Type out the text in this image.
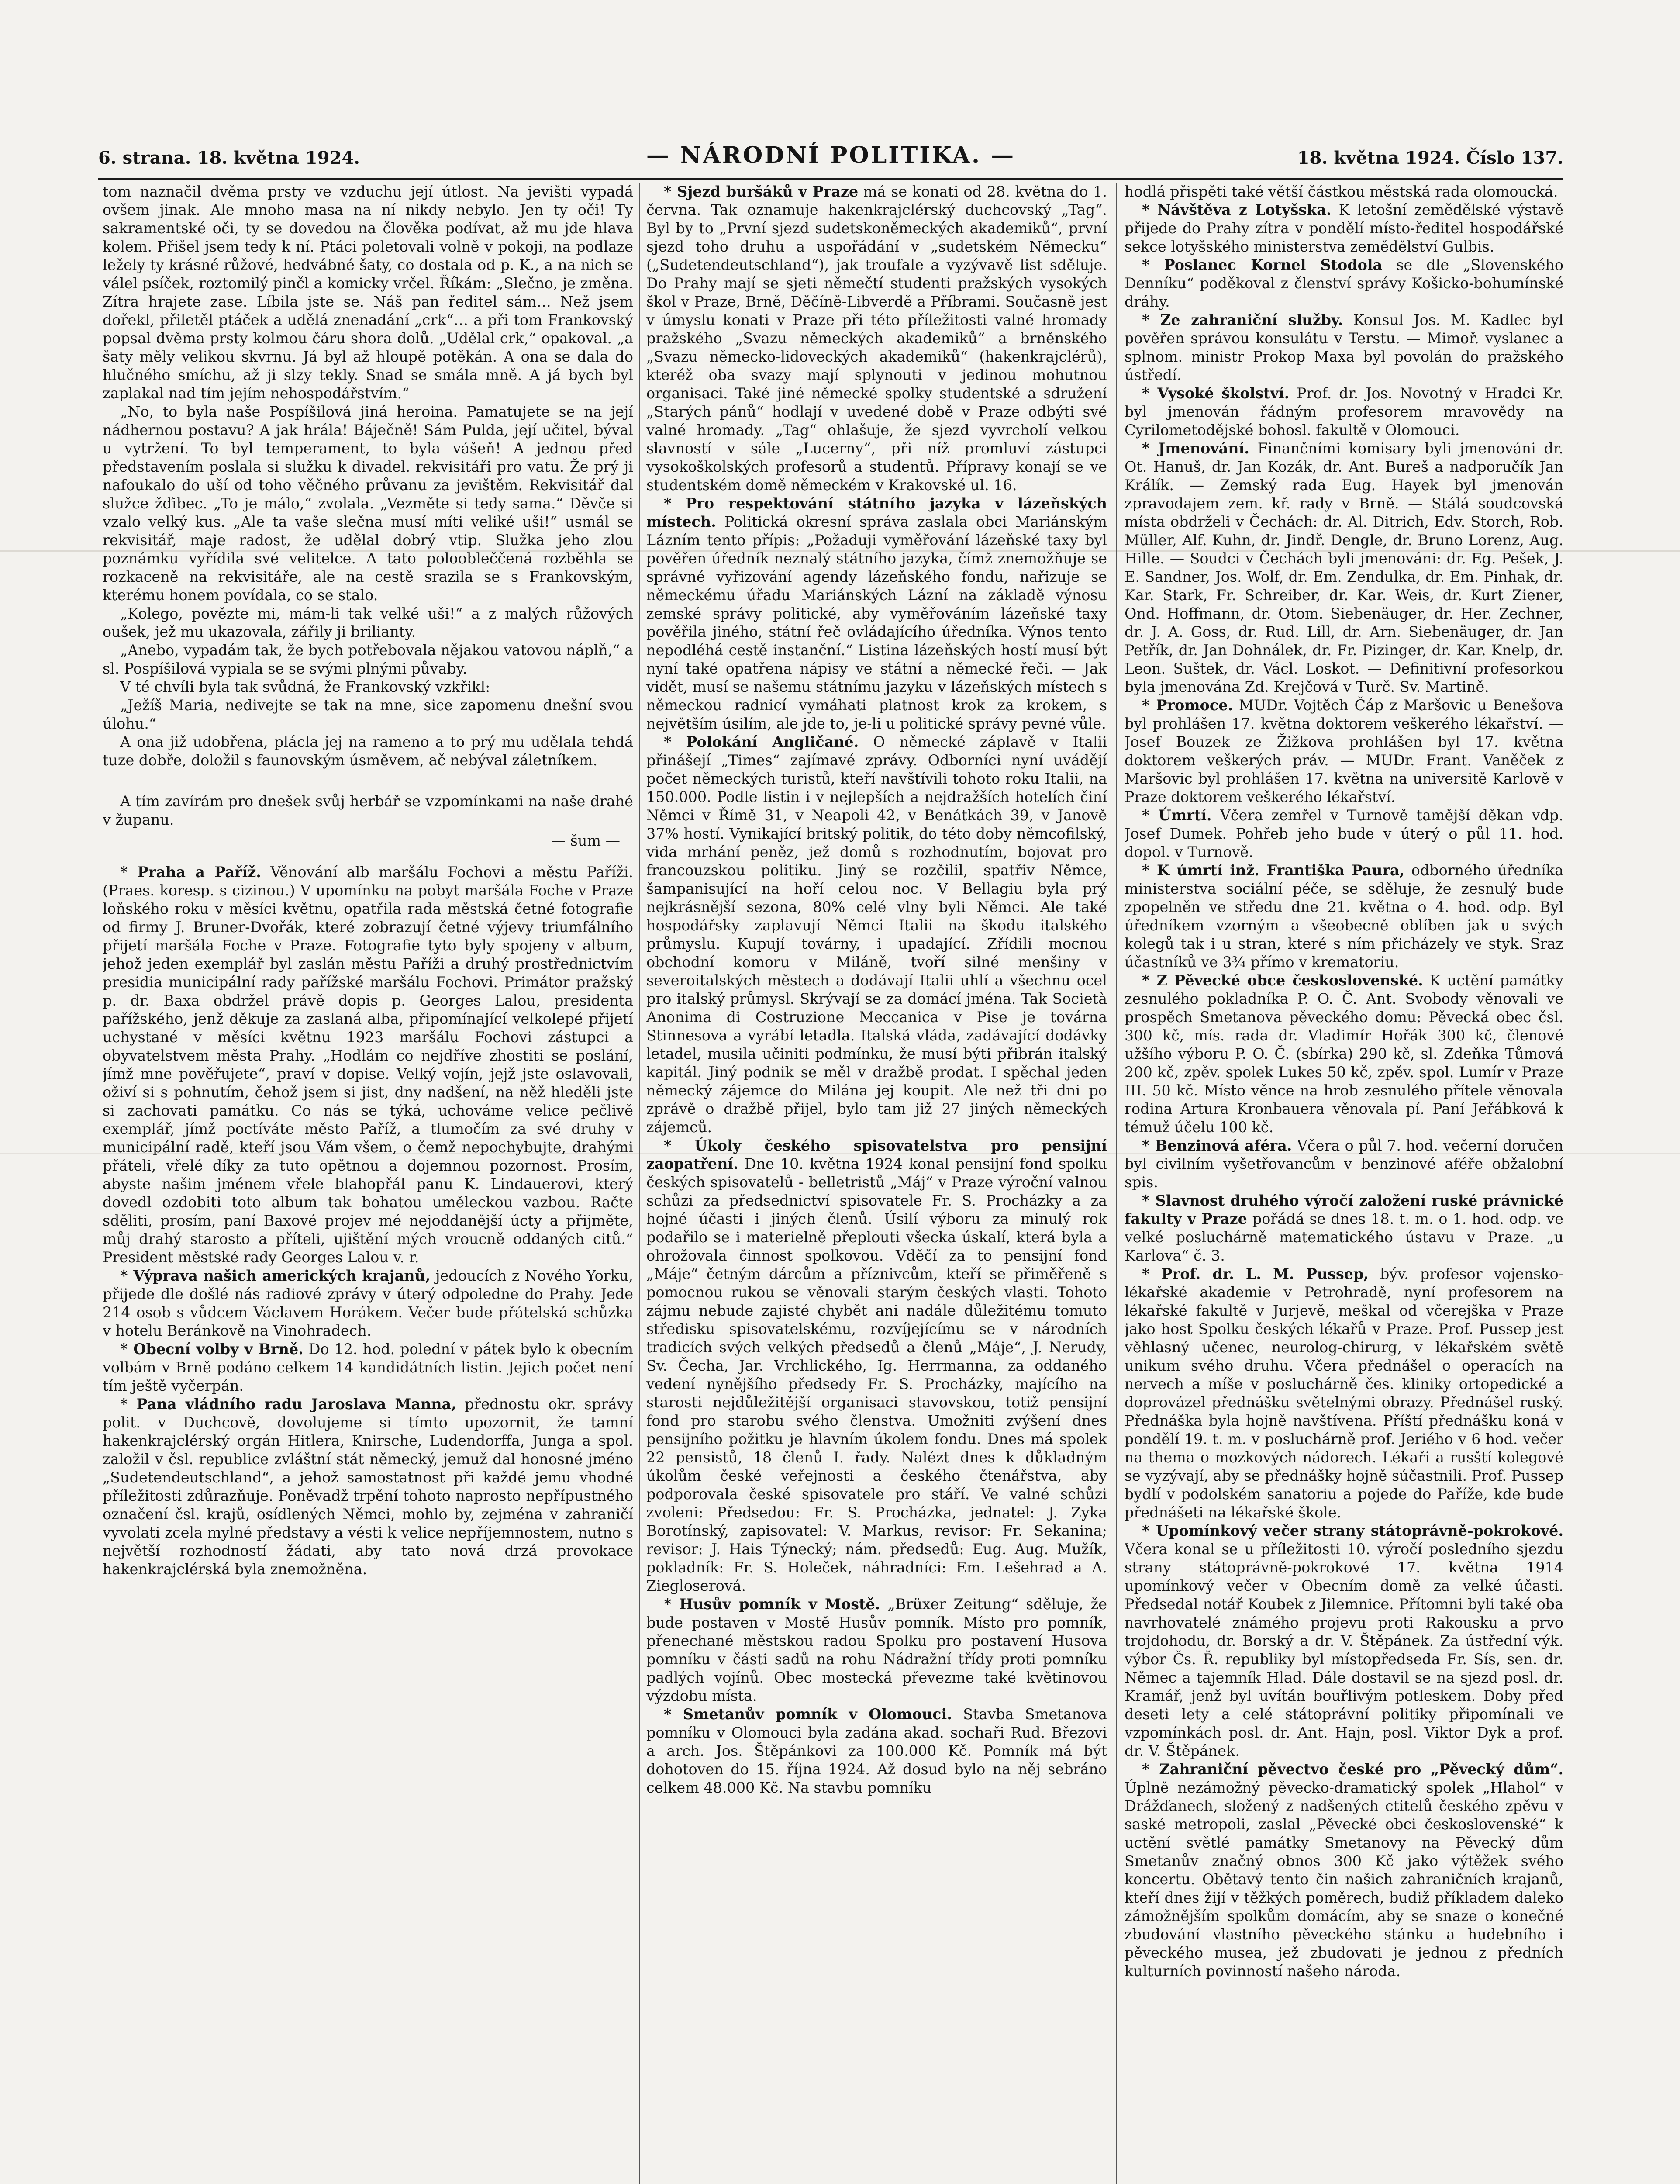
6. strana. 18. května 1924.	— NÁRODNÍ POLITIKA. —	18. května 1924. Číslo 137.

tom naznačil dvěma prsty ve vzduchu její útlost. Na jevišti vypadá ovšem jinak. Ale mnoho masa na ní nikdy nebylo. Jen ty oči! Ty sakramentské oči, ty se dovedou na člověka podívat, až mu jde hlava kolem. Přišel jsem tedy k ní. Ptáci poletovali volně v pokoji, na podlaze ležely ty krásné růžové, hedvábné šaty, co dostala od p. K., a na nich se válel psíček, roztomilý pinčl a komicky vrčel. Říkám: „Slečno, je změna. Zítra hrajete zase. Líbila jste se. Náš pan ředitel sám… Než jsem dořekl, přiletěl ptáček a udělá znenadání „crk“… a při tom Frankovský popsal dvěma prsty kolmou čáru shora dolů. „Udělal crk,“ opakoval. „a šaty měly velikou skvrnu. Já byl až hloupě potěkán. A ona se dala do hlučného smíchu, až ji slzy tekly. Snad se smála mně. A já bych byl zaplakal nad tím jejím nehospodářstvím.“

„No, to byla naše Pospíšilová jiná heroina. Pamatujete se na její nádhernou postavu? A jak hrála! Báječně! Sám Pulda, její učitel, býval u vytržení. To byl temperament, to byla vášeň! A jednou před představením poslala si služku k divadel. rekvisitáři pro vatu. Že prý ji nafoukalo do uší od toho věčného průvanu za jevištěm. Rekvisitář dal služce žďibec. „To je málo,“ zvolala. „Vezměte si tedy sama.“ Děvče si vzalo velký kus. „Ale ta vaše slečna musí míti veliké uši!“ usmál se rekvisitář, maje radost, že udělal dobrý vtip. Služka jeho zlou poznámku vyřídila své velitelce. A tato poloobleččená rozběhla se rozkaceně na rekvisitáře, ale na cestě srazila se s Frankovským, kterému honem povídala, co se stalo.

„Kolego, povězte mi, mám-li tak velké uši!“ a z malých růžových oušek, jež mu ukazovala, zářily ji brilianty.

„Anebo, vypadám tak, že bych potřebovala nějakou vatovou náplň,“ a sl. Pospíšilová vypiala se se svými plnými půvaby.

V té chvíli byla tak svůdná, že Frankovský vzkřikl:

„Ježíš Maria, nedivejte se tak na mne, sice zapomenu dnešní svou úlohu.“

A ona již udobřena, plácla jej na rameno a to prý mu udělala tehdá tuze dobře, doložil s faunovským úsměvem, ač nebýval záletníkem.

A tím zavírám pro dnešek svůj herbář se vzpomínkami na naše drahé v županu.

— šum —

* Praha a Paříž. Věnování alb maršálu Fochovi a městu Paříži. (Praes. koresp. s cizinou.) V upomínku na pobyt maršála Foche v Praze loňského roku v měsíci květnu, opatřila rada městská četné fotografie od firmy J. Bruner-Dvořák, které zobrazují četné výjevy triumfálního přijetí maršála Foche v Praze. Fotografie tyto byly spojeny v album, jehož jeden exemplář byl zaslán městu Paříži a druhý prostřednictvím presidia municipální rady pařížské maršálu Fochovi. Primátor pražský p. dr. Baxa obdržel právě dopis p. Georges Lalou, presidenta pařížského, jenž děkuje za zaslaná alba, připomínající velkolepé přijetí uchystané v měsíci květnu 1923 maršálu Fochovi zástupci a obyvatelstvem města Prahy. „Hodlám co nejdříve zhostiti se poslání, jímž mne pověřujete“, praví v dopise. Velký vojín, jejž jste oslavovali, oživí si s pohnutím, čehož jsem si jist, dny nadšení, na něž hleděli jste si zachovati památku. Co nás se týká, uchováme velice pečlivě exemplář, jímž poctíváte město Paříž, a tlumočím za své druhy v municipální radě, kteří jsou Vám všem, o čemž nepochybujte, drahými přáteli, vřelé díky za tuto opětnou a dojemnou pozornost. Prosím, abyste našim jménem vřele blahopřál panu K. Lindauerovi, který dovedl ozdobiti toto album tak bohatou uměleckou vazbou. Račte sděliti, prosím, paní Baxové projev mé nejoddanější úcty a přijměte, můj drahý starosto a příteli, ujištění mých vroucně oddaných citů.“ President městské rady Georges Lalou v. r.

* Výprava našich amerických krajanů, jedoucích z Nového Yorku, přijede dle došlé nás radiové zprávy v úterý odpoledne do Prahy. Jede 214 osob s vůdcem Václavem Horákem. Večer bude přátelská schůzka v hotelu Beránkově na Vinohradech.

* Obecní volby v Brně. Do 12. hod. polední v pátek bylo k obecním volbám v Brně podáno celkem 14 kandidátních listin. Jejich počet není tím ještě vyčerpán.

* Pana vládního radu Jaroslava Manna, přednostu okr. správy polit. v Duchcově, dovolujeme si tímto upozornit, že tamní hakenkrajclérský orgán Hitlera, Knirsche, Ludendorffa, Junga a spol. založil v čsl. republice zvláštní stát německý, jemuž dal honosné jméno „Sudetendeutschland“, a jehož samostatnost při každé jemu vhodné příležitosti zdůrazňuje. Poněvadž trpění tohoto naprosto nepřípustného označení čsl. krajů, osídlených Němci, mohlo by, zejména v zahraničí vyvolati zcela mylné představy a vésti k velice nepříjemnostem, nutno s největší rozhodností žádati, aby tato nová drzá provokace hakenkrajclérská byla znemožněna.

* Sjezd buršáků v Praze má se konati od 28. května do 1. června. Tak oznamuje hakenkrajclérský duchcovský „Tag“. Byl by to „První sjezd sudetskoněmeckých akademiků“, první sjezd toho druhu a uspořádání v „sudetském Německu“ („Sudetendeutschland“), jak troufale a vyzývavě list sděluje. Do Prahy mají se sjeti němečtí studenti pražských vysokých škol v Praze, Brně, Děčíně-Libverdě a Příbrami. Současně jest v úmyslu konati v Praze při této příležitosti valné hromady pražského „Svazu německých akademiků“ a brněnského „Svazu německo-lidoveckých akademiků“ (hakenkrajclérů), kteréž oba svazy mají splynouti v jedinou mohutnou organisaci. Také jiné německé spolky studentské a sdružení „Starých pánů“ hodlají v uvedené době v Praze odbýti své valné hromady. „Tag“ ohlašuje, že sjezd vyvrcholí velkou slavností v sále „Lucerny“, při níž promluví zástupci vysokoškolských profesorů a studentů. Přípravy konají se ve studentském domě německém v Krakovské ul. 16.

* Pro respektování státního jazyka v lázeňských místech. Politická okresní správa zaslala obci Mariánským Lázním tento přípis: „Požaduji vyměřování lázeňské taxy byl pověřen úředník neznalý státního jazyka, čímž znemožňuje se správné vyřizování agendy lázeňského fondu, nařizuje se německému úřadu Mariánských Lázní na základě výnosu zemské správy politické, aby vyměřováním lázeňské taxy pověřila jiného, státní řeč ovládajícího úředníka. Výnos tento nepodléhá cestě instanční.“ Listina lázeňských hostí musí být nyní také opatřena nápisy ve státní a německé řeči. — Jak vidět, musí se našemu státnímu jazyku v lázeňských místech s německou radnicí vymáhati platnost krok za krokem, s největším úsilím, ale jde to, je-li u politické správy pevné vůle.

* Polokání Angličané. O německé záplavě v Italii přinášejí „Times“ zajímavé zprávy. Odborníci nyní uvádějí počet německých turistů, kteří navštívili tohoto roku Italii, na 150.000. Podle listin i v nejlepších a nejdražších hotelích činí Němci v Římě 31, v Neapoli 42, v Benátkách 39, v Janově 37% hostí. Vynikající britský politik, do této doby němcofilský, vida mrhání peněz, jež domů s rozhodnutím, bojovat pro francouzskou politiku. Jiný se rozčilil, spatřiv Němce, šampanisující na hoří celou noc. V Bellagiu byla prý nejkrásnější sezona, 80% celé vlny byli Němci. Ale také hospodářsky zaplavují Němci Italii na škodu italského průmyslu. Kupují továrny, i upadající. Zřídili mocnou obchodní komoru v Miláně, tvoří silné menšiny v severoitalských městech a dodávají Italii uhlí a všechnu ocel pro italský průmysl. Skrývají se za domácí jména. Tak Società Anonima di Costruzione Meccanica v Pise je továrna Stinnesova a vyrábí letadla. Italská vláda, zadávající dodávky letadel, musila učiniti podmínku, že musí býti přibrán italský kapitál. Jiný podnik se měl v dražbě prodat. I spěchal jeden německý zájemce do Milána jej koupit. Ale než tři dni po zprávě o dražbě přijel, bylo tam již 27 jiných německých zájemců.

* Úkoly českého spisovatelstva pro pensijní zaopatření. Dne 10. května 1924 konal pensijní fond spolku českých spisovatelů - belletristů „Máj“ v Praze výroční valnou schůzi za předsednictví spisovatele Fr. S. Procházky a za hojné účasti i jiných členů. Úsilí výboru za minulý rok podařilo se i materielně přeplouti všecka úskalí, která byla a ohrožovala činnost spolkovou. Vděčí za to pensijní fond „Máje“ četným dárcům a příznivcům, kteří se přiměřeně s pomocnou rukou se věnovali starým českých vlasti. Tohoto zájmu nebude zajisté chybět ani nadále důležitému tomuto středisku spisovatelskému, rozvíjejícímu se v národních tradicích svých velkých předsedů a členů „Máje“, J. Nerudy, Sv. Čecha, Jar. Vrchlického, Ig. Herrmanna, za oddaného vedení nynějšího předsedy Fr. S. Procházky, majícího na starosti nejdůležitější organisaci stavovskou, totiž pensijní fond pro starobu svého členstva. Umožniti zvýšení dnes pensijního požitku je hlavním úkolem fondu. Dnes má spolek 22 pensistů, 18 členů I. řady. Nalézt dnes k důkladným úkolům české veřejnosti a českého čtenářstva, aby podporovala české spisovatele pro stáří. Ve valné schůzi zvoleni: Předsedou: Fr. S. Procházka, jednatel: J. Zyka Borotínský, zapisovatel: V. Markus, revisor: Fr. Sekanina; revisor: J. Hais Týnecký; nám. předsedů: Eug. Aug. Mužík, pokladník: Fr. S. Holeček, náhradníci: Em. Lešehrad a A. Ziegloserová.

* Husův pomník v Mostě. „Brüxer Zeitung“ sděluje, že bude postaven v Mostě Husův pomník. Místo pro pomník, přenechané městskou radou Spolku pro postavení Husova pomníku v části sadů na rohu Nádražní třídy proti pomníku padlých vojínů. Obec mostecká převezme také květinovou výzdobu místa.

* Smetanův pomník v Olomouci. Stavba Smetanova pomníku v Olomouci byla zadána akad. sochaři Rud. Březovi a arch. Jos. Štěpánkovi za 100.000 Kč. Pomník má být dohotoven do 15. října 1924. Až dosud bylo na něj sebráno celkem 48.000 Kč. Na stavbu pomníku

hodlá přispěti také větší částkou městská rada olomoucká.

* Návštěva z Lotyšska. K letošní zemědělské výstavě přijede do Prahy zítra v pondělí místo-ředitel hospodářské sekce lotyšského ministerstva zemědělství Gulbis.

* Poslanec Kornel Stodola se dle „Slovenského Denníku“ poděkoval z členství správy Košicko-bohumínské dráhy.

* Ze zahraniční služby. Konsul Jos. M. Kadlec byl pověřen správou konsulátu v Terstu. — Mimoř. vyslanec a splnom. ministr Prokop Maxa byl povolán do pražského ústředí.

* Vysoké školství. Prof. dr. Jos. Novotný v Hradci Kr. byl jmenován řádným profesorem mravovědy na Cyrilometodějské bohosl. fakultě v Olomouci.

* Jmenování. Finančními komisary byli jmenováni dr. Ot. Hanuš, dr. Jan Kozák, dr. Ant. Bureš a nadporučík Jan Králík. — Zemský rada Eug. Hayek byl jmenován zpravodajem zem. kř. rady v Brně. — Stálá soudcovská místa obdrželi v Čechách: dr. Al. Ditrich, Edv. Storch, Rob. Müller, Alf. Kuhn, dr. Jindř. Dengle, dr. Bruno Lorenz, Aug. Hille. — Soudci v Čechách byli jmenováni: dr. Eg. Pešek, J. E. Sandner, Jos. Wolf, dr. Em. Zendulka, dr. Em. Pinhak, dr. Kar. Stark, Fr. Schreiber, dr. Kar. Weis, dr. Kurt Ziener, Ond. Hoffmann, dr. Otom. Siebenäuger, dr. Her. Zechner, dr. J. A. Goss, dr. Rud. Lill, dr. Arn. Siebenäuger, dr. Jan Petřík, dr. Jan Dohnálek, dr. Fr. Pizinger, dr. Kar. Knelp, dr. Leon. Suštek, dr. Václ. Loskot. — Definitivní profesorkou byla jmenována Zd. Krejčová v Turč. Sv. Martině.

* Promoce. MUDr. Vojtěch Čáp z Maršovic u Benešova byl prohlášen 17. května doktorem veškerého lékařství. — Josef Bouzek ze Žižkova prohlášen byl 17. května doktorem veškerých práv. — MUDr. Frant. Vaněček z Maršovic byl prohlášen 17. května na universitě Karlově v Praze doktorem veškerého lékařství.

* Úmrtí. Včera zemřel v Turnově tamější děkan vdp. Josef Dumek. Pohřeb jeho bude v úterý o půl 11. hod. dopol. v Turnově.

* K úmrtí inž. Františka Paura, odborného úředníka ministerstva sociální péče, se sděluje, že zesnulý bude zpopelněn ve středu dne 21. května o 4. hod. odp. Byl úředníkem vzorným a všeobecně oblíben jak u svých kolegů tak i u stran, které s ním přicházely ve styk. Sraz účastníků ve 3¾ přímo v krematoriu.

* Z Pěvecké obce československé. K uctění památky zesnulého pokladníka P. O. Č. Ant. Svobody věnovali ve prospěch Smetanova pěveckého domu: Pěvecká obec čsl. 300 kč, mís. rada dr. Vladimír Hořák 300 kč, členové užšího výboru P. O. Č. (sbírka) 290 kč, sl. Zdeňka Tůmová 200 kč, zpěv. spolek Lukes 50 kč, zpěv. spol. Lumír v Praze III. 50 kč. Místo věnce na hrob zesnulého přítele věnovala rodina Artura Kronbauera věnovala pí. Paní Jeřábková k témuž účelu 100 kč.

* Benzinová aféra. Včera o půl 7. hod. večerní doručen byl civilním vyšetřovancům v benzinové aféře obžalobní spis.

* Slavnost druhého výročí založení ruské právnické fakulty v Praze pořádá se dnes 18. t. m. o 1. hod. odp. ve velké posluchárně matematického ústavu v Praze. „u Karlova“ č. 3.

* Prof. dr. L. M. Pussep, býv. profesor vojensko-lékařské akademie v Petrohradě, nyní profesorem na lékařské fakultě v Jurjevě, meškal od včerejška v Praze jako host Spolku českých lékařů v Praze. Prof. Pussep jest věhlasný učenec, neurolog-chirurg, v lékařském světě unikum svého druhu. Včera přednášel o operacích na nervech a míše v posluchárně čes. kliniky ortopedické a doprovázel přednášku světelnými obrazy. Přednášel ruský. Přednáška byla hojně navštívena. Příští přednášku koná v pondělí 19. t. m. v posluchárně prof. Jeriého v 6 hod. večer na thema o mozkových nádorech. Lékaři a rusští kolegové se vyzývají, aby se přednášky hojně súčastnili. Prof. Pussep bydlí v podolském sanatoriu a pojede do Paříže, kde bude přednášeti na lékařské škole.

* Upomínkový večer strany státoprávně-pokrokové. Včera konal se u příležitosti 10. výročí posledního sjezdu strany státoprávně-pokrokové 17. května 1914 upomínkový večer v Obecním domě za velké účasti. Předsedal notář Koubek z Jilemnice. Přítomni byli také oba navrhovatelé známého projevu proti Rakousku a prvo trojdohodu, dr. Borský a dr. V. Štěpánek. Za ústřední výk. výbor Čs. Ř. republiky byl místopředseda Fr. Sís, sen. dr. Němec a tajemník Hlad. Dále dostavil se na sjezd posl. dr. Kramář, jenž byl uvítán bouřlivým potleskem. Doby před deseti lety a celé státoprávní politiky připomínali ve vzpomínkách posl. dr. Ant. Hajn, posl. Viktor Dyk a prof. dr. V. Štěpánek.

* Zahraniční pěvectvo české pro „Pěvecký dům“. Úplně nezámožný pěvecko-dramatický spolek „Hlahol“ v Drážďanech, složený z nadšených ctitelů českého zpěvu v saské metropoli, zaslal „Pěvecké obci československé“ k uctění světlé památky Smetanovy na Pěvecký dům Smetanův značný obnos 300 Kč jako výtěžek svého koncertu. Obětavý tento čin našich zahraničních krajanů, kteří dnes žijí v těžkých poměrech, budiž příkladem daleko zámožnějším spolkům domácím, aby se snaze o konečné zbudování vlastního pěveckého stánku a hudebního i pěveckého musea, jež zbudovati je jednou z předních kulturních povinností našeho národa.
